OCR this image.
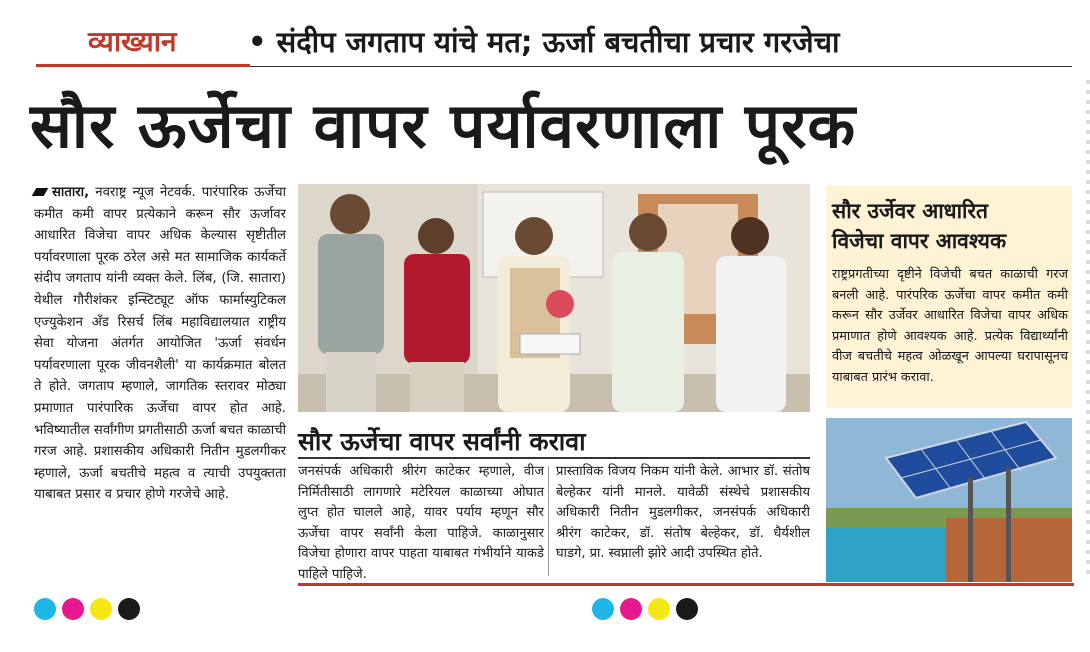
व्याख्यान • संदीप जगताप यांचे मत; ऊर्जा बचतीचा प्रचार गरजेचा
सौर ऊर्जेचा वापर पर्यावरणाला पूरक
सातारा, नवराष्ट्र न्यूज नेटवर्क. पारंपारिक ऊर्जेचा कमीत कमी वापर प्रत्येकाने करून सौर ऊर्जावर आधारित विजेचा वापर अधिक केल्यास सृष्टीतील पर्यावरणाला पूरक ठरेल असे मत सामाजिक कार्यकर्ते संदीप जगताप यांनी व्यक्त केले. लिंब, (जि. सातारा) येथील गौरीशंकर इन्स्टिट्यूट ऑफ फार्मास्युटिकल एज्युकेशन अँड रिसर्च लिंब महाविद्यालयात राष्ट्रीय सेवा योजना अंतर्गत आयोजित 'ऊर्जा संवर्धन पर्यावरणाला पूरक जीवनशैली' या कार्यक्रमात बोलत ते होते. जगताप म्हणाले, जागतिक स्तरावर मोठ्या प्रमाणात पारंपारिक ऊर्जेचा वापर होत आहे. भविष्यातील सर्वांगीण प्रगतीसाठी ऊर्जा बचत काळाची गरज आहे. प्रशासकीय अधिकारी नितीन मुडलगीकर म्हणाले, ऊर्जा बचतीचे महत्व व त्याची उपयुक्तता याबाबत प्रसार व प्रचार होणे गरजेचे आहे.
सौर ऊर्जेचा वापर सर्वांनी करावा
जनसंपर्क अधिकारी श्रीरंग काटेकर म्हणाले, वीज निर्मितीसाठी लागणारे मटेरियल काळाच्या ओघात लुप्त होत चालले आहे, यावर पर्याय म्हणून सौर ऊर्जेचा वापर सर्वांनी केला पाहिजे. काळानुसार विजेचा होणारा वापर पाहता याबाबत गंभीर्याने याकडे पाहिले पाहिजे.
प्रास्ताविक विजय निकम यांनी केले. आभार डॉ. संतोष बेल्हेकर यांनी मानले. यावेळी संस्थेचे प्रशासकीय अधिकारी नितीन मुडलगीकर, जनसंपर्क अधिकारी श्रीरंग काटेकर, डॉ. संतोष बेल्हेकर, डॉ. धैर्यशील घाडगे, प्रा. स्वप्नाली झोरे आदी उपस्थित होते.
सौर उर्जेवर आधारित
विजेचा वापर आवश्यक
राष्ट्रप्रगतीच्या दृष्टीने विजेची बचत काळाची गरज बनली आहे. पारंपरिक ऊर्जेचा वापर कमीत कमी करून सौर उर्जेवर आधारित विजेचा वापर अधिक प्रमाणात होणे आवश्यक आहे. प्रत्येक विद्यार्थ्यांनी वीज बचतीचे महत्व ओळखून आपल्या घरापासूनच याबाबत प्रारंभ करावा.
